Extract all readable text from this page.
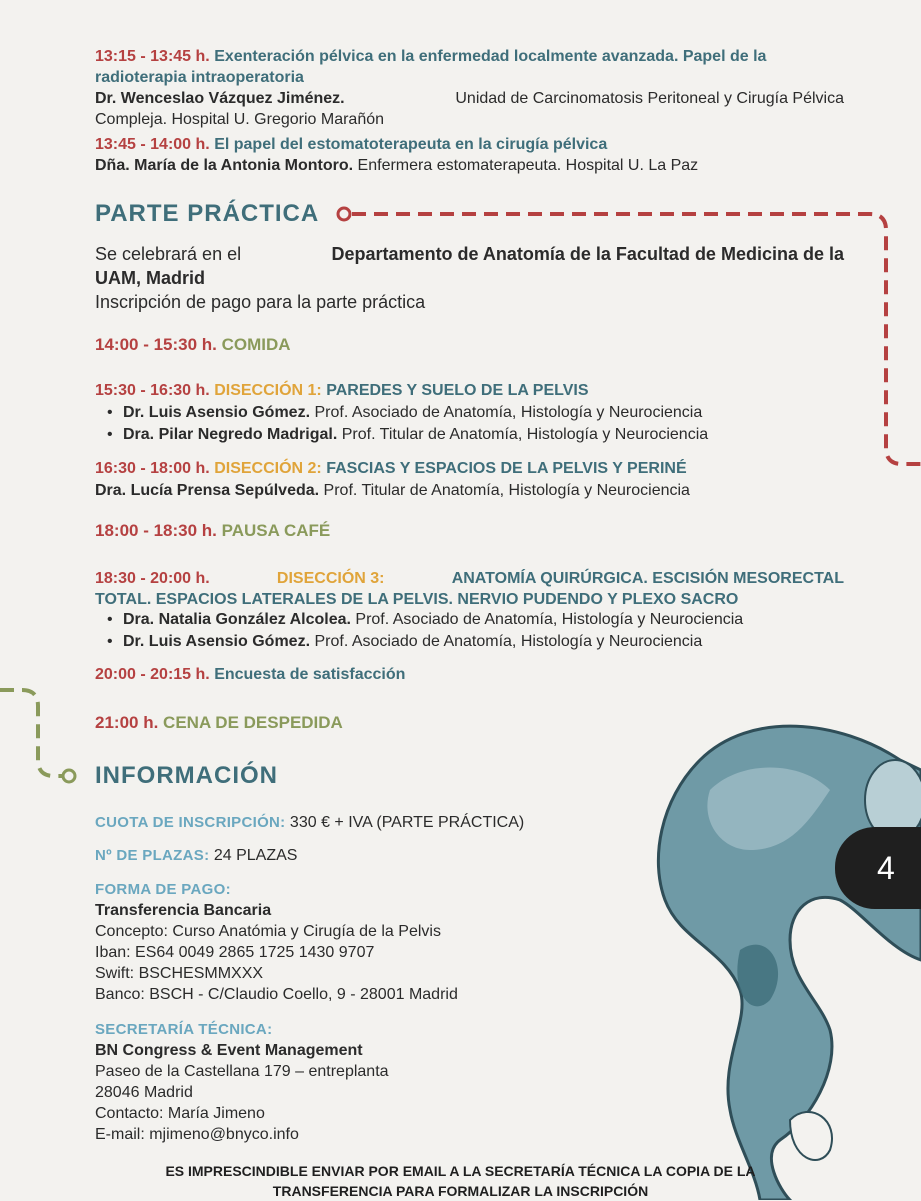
13:15 - 13:45 h. Exenteración pélvica en la enfermedad localmente avanzada. Papel de la
radioterapia intraoperatoria
Dr. Wenceslao Vázquez Jiménez.	Unidad de Carcinomatosis Peritoneal y Cirugía Pélvica
Compleja. Hospital U. Gregorio Marañón
13:45 - 14:00 h. El papel del estomatoterapeuta en la cirugía pélvica
Dña. María de la Antonia Montoro. Enfermera estomaterapeuta. Hospital U. La Paz
PARTE PRÁCTICA
Se celebrará en el	Departamento de Anatomía de la Facultad de Medicina de la
UAM, Madrid
Inscripción de pago para la parte práctica
14:00 - 15:30 h. COMIDA
15:30 - 16:30 h. DISECCIÓN 1: PAREDES Y SUELO DE LA PELVIS
• Dr. Luis Asensio Gómez. Prof. Asociado de Anatomía, Histología y Neurociencia
• Dra. Pilar Negredo Madrigal. Prof. Titular de Anatomía, Histología y Neurociencia
16:30 - 18:00 h. DISECCIÓN 2: FASCIAS Y ESPACIOS DE LA PELVIS Y PERINÉ
Dra. Lucía Prensa Sepúlveda. Prof. Titular de Anatomía, Histología y Neurociencia
18:00 - 18:30 h. PAUSA CAFÉ
18:30 - 20:00 h.	DISECCIÓN 3:	ANATOMÍA QUIRÚRGICA. ESCISIÓN MESORECTAL
TOTAL. ESPACIOS LATERALES DE LA PELVIS. NERVIO PUDENDO Y PLEXO SACRO
• Dra. Natalia González Alcolea. Prof. Asociado de Anatomía, Histología y Neurociencia
• Dr. Luis Asensio Gómez. Prof. Asociado de Anatomía, Histología y Neurociencia
20:00 - 20:15 h. Encuesta de satisfacción
21:00 h. CENA DE DESPEDIDA
INFORMACIÓN
CUOTA DE INSCRIPCIÓN: 330 € + IVA (PARTE PRÁCTICA)
Nº DE PLAZAS: 24 PLAZAS
FORMA DE PAGO:
Transferencia Bancaria
Concepto: Curso Anatómia y Cirugía de la Pelvis
Iban: ES64 0049 2865 1725 1430 9707
Swift: BSCHESMMXXX
Banco: BSCH - C/Claudio Coello, 9 - 28001 Madrid
SECRETARÍA TÉCNICA:
BN Congress & Event Management
Paseo de la Castellana 179 – entreplanta
28046 Madrid
Contacto: María Jimeno
E-mail: mjimeno@bnyco.info
ES IMPRESCINDIBLE ENVIAR POR EMAIL A LA SECRETARÍA TÉCNICA LA COPIA DE LA
TRANSFERENCIA PARA FORMALIZAR LA INSCRIPCIÓN
4
